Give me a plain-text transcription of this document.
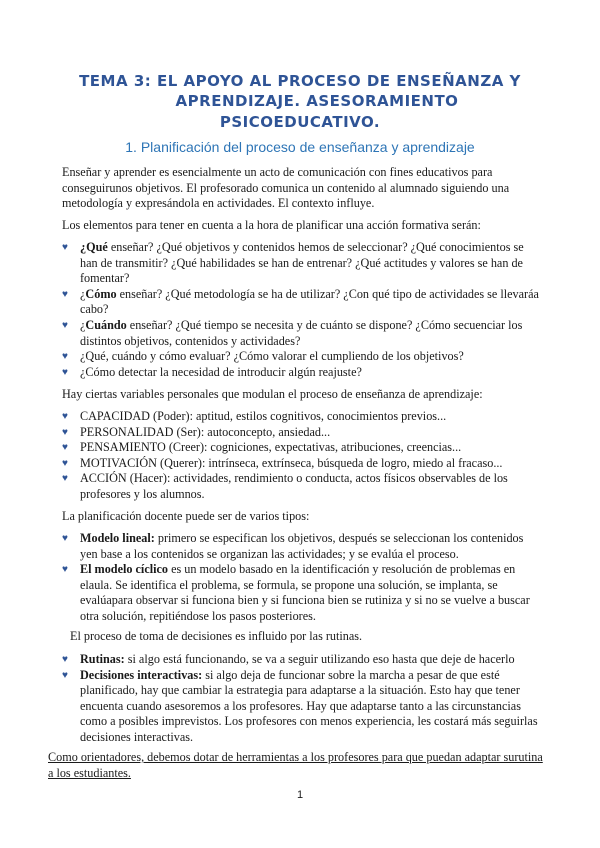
TEMA 3: EL APOYO AL PROCESO DE ENSEÑANZA Y
APRENDIZAJE. ASESORAMIENTO
PSICOEDUCATIVO.
1. Planificación del proceso de enseñanza y aprendizaje
Enseñar y aprender es esencialmente un acto de comunicación con fines educativos para conseguirunos objetivos. El profesorado comunica un contenido al alumnado siguiendo una metodología y expresándola en actividades. El contexto influye.
Los elementos para tener en cuenta a la hora de planificar una acción formativa serán:
♥ ¿Qué enseñar? ¿Qué objetivos y contenidos hemos de seleccionar? ¿Qué conocimientos se han de transmitir? ¿Qué habilidades se han de entrenar? ¿Qué actitudes y valores se han de fomentar?
♥ ¿Cómo enseñar? ¿Qué metodología se ha de utilizar? ¿Con qué tipo de actividades se llevaráa cabo?
♥ ¿Cuándo enseñar? ¿Qué tiempo se necesita y de cuánto se dispone? ¿Cómo secuenciar los distintos objetivos, contenidos y actividades?
♥ ¿Qué, cuándo y cómo evaluar? ¿Cómo valorar el cumpliendo de los objetivos?
♥ ¿Cómo detectar la necesidad de introducir algún reajuste?
Hay ciertas variables personales que modulan el proceso de enseñanza de aprendizaje:
♥ CAPACIDAD (Poder): aptitud, estilos cognitivos, conocimientos previos...
♥ PERSONALIDAD (Ser): autoconcepto, ansiedad...
♥ PENSAMIENTO (Creer): cogniciones, expectativas, atribuciones, creencias...
♥ MOTIVACIÓN (Querer): intrínseca, extrínseca, búsqueda de logro, miedo al fracaso...
♥ ACCIÓN (Hacer): actividades, rendimiento o conducta, actos físicos observables de los profesores y los alumnos.
La planificación docente puede ser de varios tipos:
♥ Modelo lineal: primero se especifican los objetivos, después se seleccionan los contenidos yen base a los contenidos se organizan las actividades; y se evalúa el proceso.
♥ El modelo cíclico es un modelo basado en la identificación y resolución de problemas en elaula. Se identifica el problema, se formula, se propone una solución, se implanta, se evalúapara observar si funciona bien y si funciona bien se rutiniza y si no se vuelve a buscar otra solución, repitiéndose los pasos posteriores.
El proceso de toma de decisiones es influido por las rutinas.
♥ Rutinas: si algo está funcionando, se va a seguir utilizando eso hasta que deje de hacerlo
♥ Decisiones interactivas: si algo deja de funcionar sobre la marcha a pesar de que esté planificado, hay que cambiar la estrategia para adaptarse a la situación. Esto hay que tener encuenta cuando asesoremos a los profesores. Hay que adaptarse tanto a las circunstancias como a posibles imprevistos. Los profesores con menos experiencia, les costará más seguirlas decisiones interactivas.
Como orientadores, debemos dotar de herramientas a los profesores para que puedan adaptar surutina a los estudiantes.
1
